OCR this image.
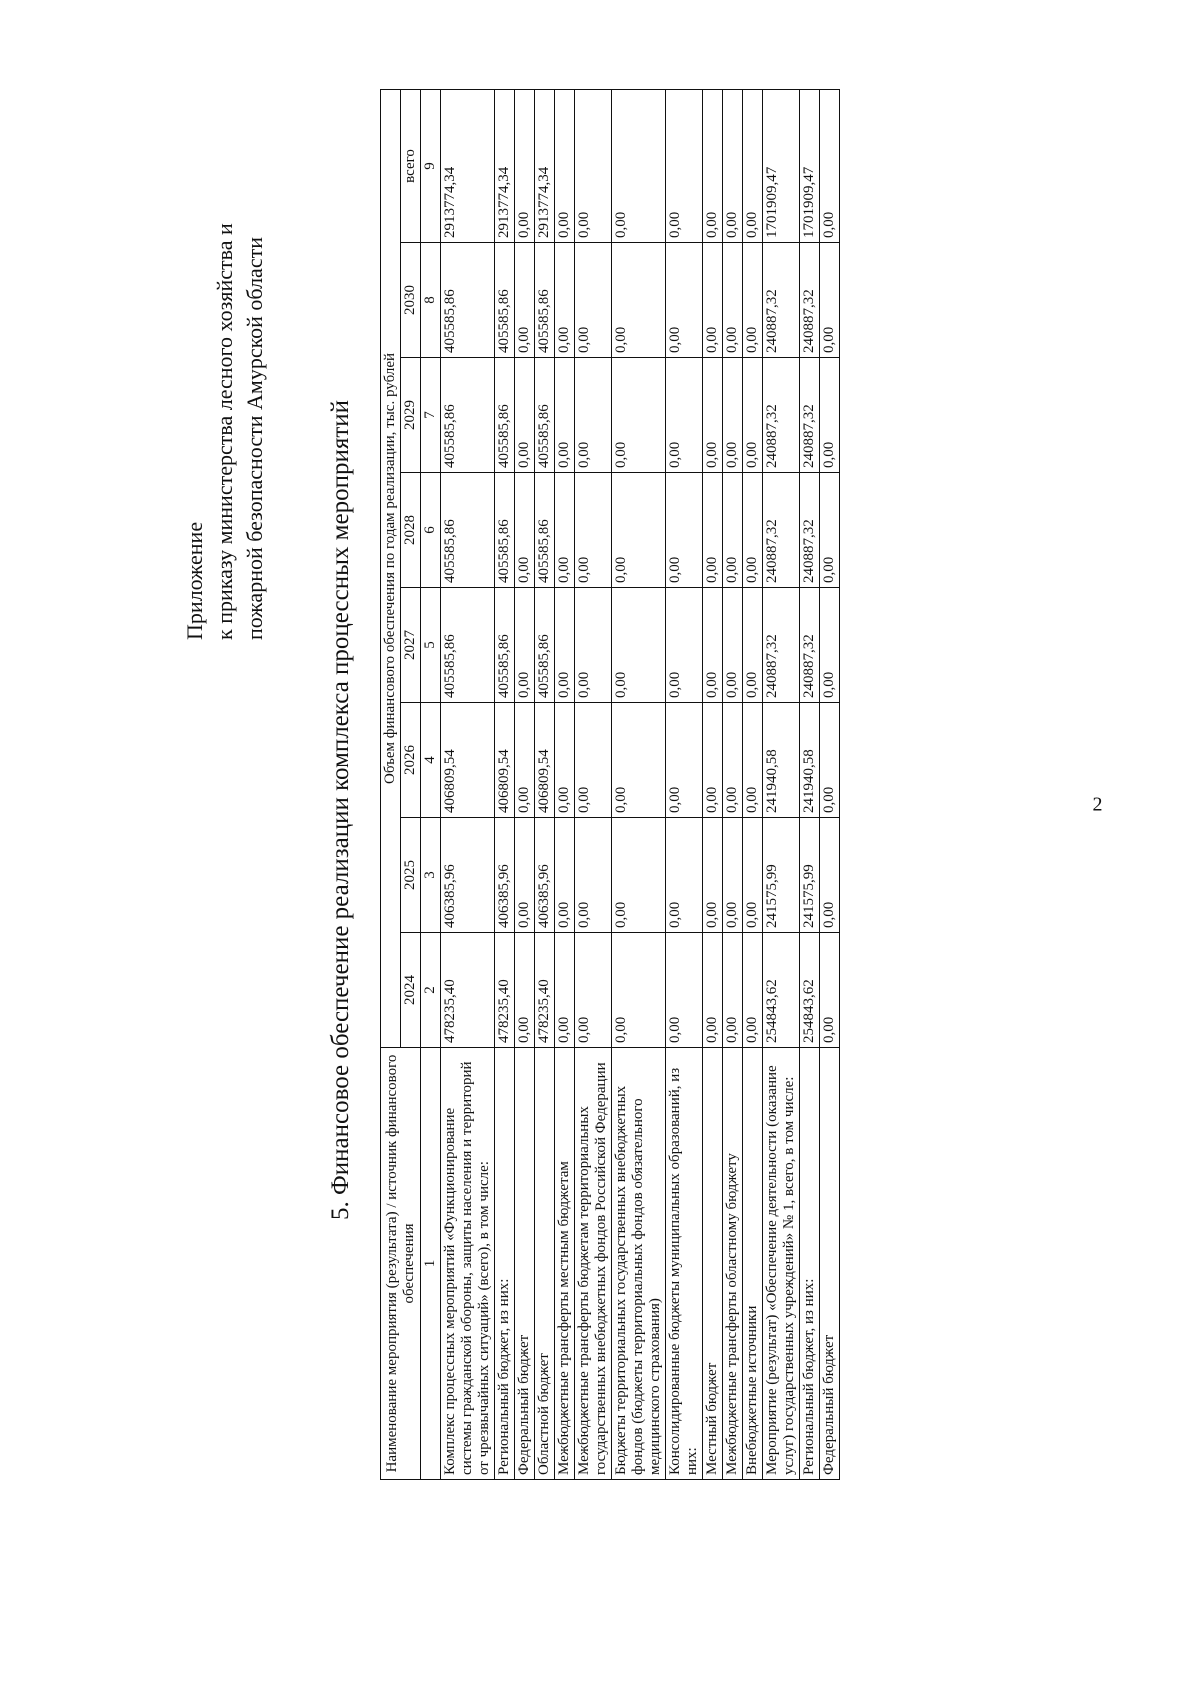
2
Приложение к приказу министерства лесного хозяйства и пожарной безопасности Амурской области 5. Финансовое обеспечение реализации комплекса процессных мероприятий
Наименование мероприятия (результата) / источник финансового обеспечения	Объем финансового обеспечения по годам реализации, тыс. рублей							
	2024	2025	2026	2027	2028	2029	2030	всего
1	2	3	4	5	6	7	8	9
Комплекс процессных мероприятий «Функционирование системы гражданской обороны, защиты населения и территорий от чрезвычайных ситуаций» (всего), в том числе:	478235,40	406385,96	406809,54	405585,86	405585,86	405585,86	405585,86	2913774,34
Региональный бюджет, из них:	478235,40	406385,96	406809,54	405585,86	405585,86	405585,86	405585,86	2913774,34
Федеральный бюджет	0,00	0,00	0,00	0,00	0,00	0,00	0,00	0,00
Областной бюджет	478235,40	406385,96	406809,54	405585,86	405585,86	405585,86	405585,86	2913774,34
Межбюджетные трансферты местным бюджетам	0,00	0,00	0,00	0,00	0,00	0,00	0,00	0,00
Межбюджетные трансферты бюджетам территориальных государственных внебюджетных фондов Российской Федерации	0,00	0,00	0,00	0,00	0,00	0,00	0,00	0,00
Бюджеты территориальных государственных внебюджетных фондов (бюджеты территориальных фондов обязательного медицинского страхования)	0,00	0,00	0,00	0,00	0,00	0,00	0,00	0,00
Консолидированные бюджеты муниципальных образований, из них:	0,00	0,00	0,00	0,00	0,00	0,00	0,00	0,00
Местный бюджет	0,00	0,00	0,00	0,00	0,00	0,00	0,00	0,00
Межбюджетные трансферты областному бюджету	0,00	0,00	0,00	0,00	0,00	0,00	0,00	0,00
Внебюджетные источники	0,00	0,00	0,00	0,00	0,00	0,00	0,00	0,00
Мероприятие (результат) «Обеспечение деятельности (оказание услуг) государственных учреждений» № 1, всего, в том числе:	254843,62	241575,99	241940,58	240887,32	240887,32	240887,32	240887,32	1701909,47
Региональный бюджет, из них:	254843,62	241575,99	241940,58	240887,32	240887,32	240887,32	240887,32	1701909,47
Федеральный бюджет	0,00	0,00	0,00	0,00	0,00	0,00	0,00	0,00
